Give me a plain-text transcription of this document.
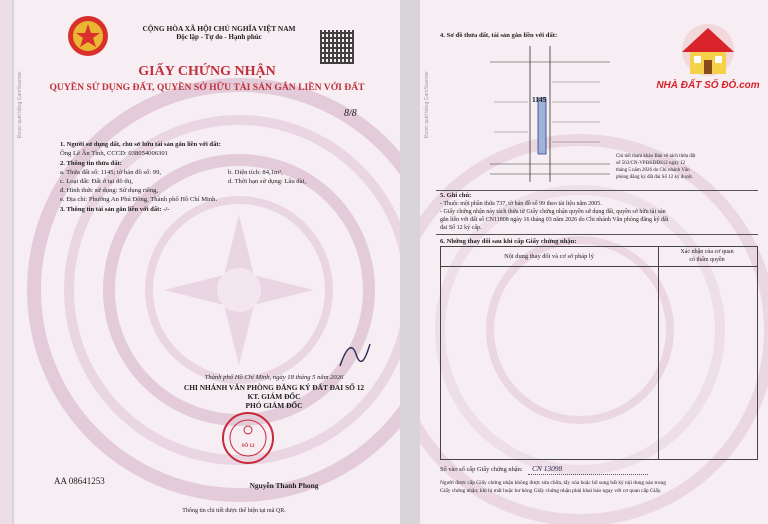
CỘNG HÒA XÃ HỘI CHỦ NGHĨA VIỆT NAM
Độc lập - Tự do - Hạnh phúc
GIẤY CHỨNG NHẬN
QUYỀN SỬ DỤNG ĐẤT, QUYỀN SỞ HỮU TÀI SẢN GẮN LIỀN VỚI ĐẤT
8/8
1. Người sử dụng đất, chủ sở hữu tài sản gắn liền với đất:
Ông Lê Ân Tình, CCCD: 038054006301
2. Thông tin thửa đất:
a. Thửa đất số: 1145; tờ bản đồ số: 99,	b. Diện tích: 84,1m²,
c. Loại đất: Đất ở tại đô thị,	d. Thời hạn sử dụng: Lâu dài,
đ. Hình thức sử dụng: Sử dụng riêng,
e. Địa chỉ: Phường An Phú Đông, Thành phố Hồ Chí Minh.
3. Thông tin tài sản gắn liền với đất: -/-
Thành phố Hồ Chí Minh, ngày 18 tháng 5 năm 2026
CHI NHÁNH VĂN PHÒNG ĐĂNG KÝ ĐẤT ĐAI SỐ 12
KT. GIÁM ĐỐC
PHÓ GIÁM ĐỐC
SỐ 12
AA 08641253	Nguyễn Thanh Phong
Thông tin chi tiết được thể hiện tại mã QR.
Được quét bằng CamScanner
4. Sơ đồ thửa đất, tài sản gắn liền với đất:
1145
Chỉ tiết tham khảo Bản vẽ tách thửa đất
số 563/CN-VPĐKĐĐS12 ngày 12
tháng 5 năm 2026 do Chi nhánh Văn
phòng đăng ký đất đai Số 12 ký duyệt.
5. Ghi chú:
- Thuộc một phần thửa 737, tờ bản đồ số 99 theo tài liệu năm 2005.
- Giấy chứng nhận này tách thửa từ Giấy chứng nhận quyền sử dụng đất, quyền sở hữu tài sản
gắn liền với đất số CN11808 ngày 16 tháng 03 năm 2026 do Chi nhánh Văn phòng đăng ký đất
đai Số 12 ký cấp.
6. Những thay đổi sau khi cấp Giấy chứng nhận:
Nội dung thay đổi và cơ sở pháp lý
Xác nhận của cơ quan
có thẩm quyền
Số vào sổ cấp Giấy chứng nhận: CN 13098
Người được cấp Giấy chứng nhận không được sửa chữa, tẩy xóa hoặc bổ sung bất kỳ nội dung nào trong
Giấy chứng nhận; khi bị mất hoặc hư hỏng Giấy chứng nhận phải khai báo ngay với cơ quan cấp Giấy.
Được quét bằng CamScanner	NHÀ ĐẤT SỐ ĐỎ.com
